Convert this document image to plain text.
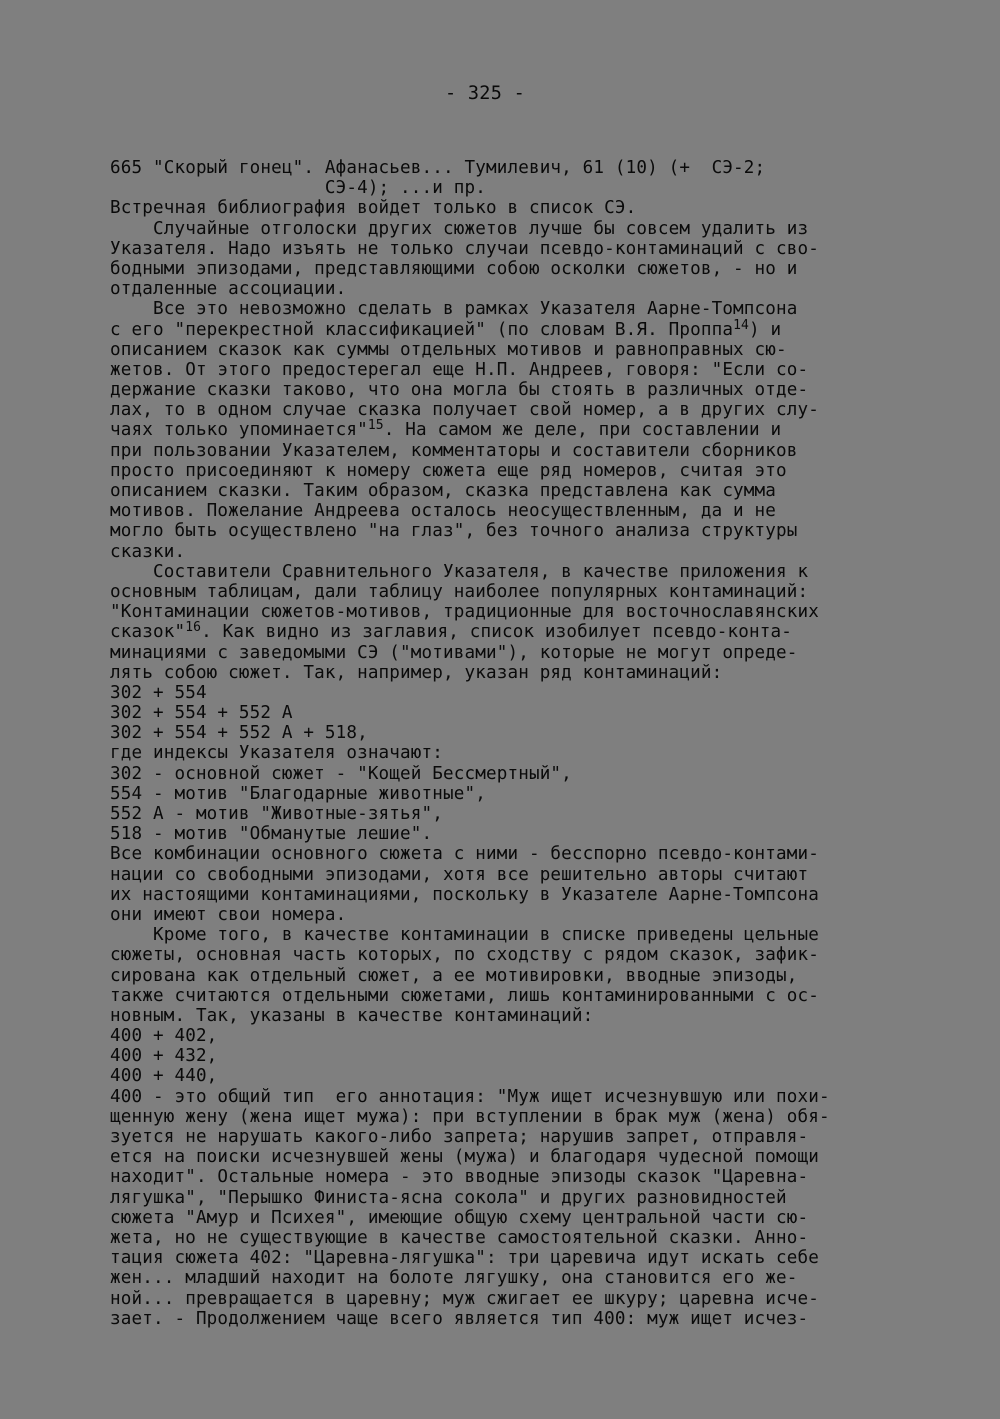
- 325 -
665 "Скорый гонец". Афанасьев... Тумилевич, 61 (10) (+  СЭ-2;
СЭ-4); ...и пр.
Встречная библиография войдет только в список СЭ.
Случайные отголоски других сюжетов лучше бы совсем удалить из
Указателя. Надо изъять не только случаи псевдо-контаминаций с сво-
бодными эпизодами, представляющими собою осколки сюжетов, - но и
отдаленные ассоциации.
Все это невозможно сделать в рамках Указателя Аарне-Томпсона
с его "перекрестной классификацией" (по словам В.Я. Проппа$^{14}$) и
описанием сказок как суммы отдельных мотивов и равноправных сю-
жетов. От этого предостерегал еще Н.П. Андреев, говоря: "Если со-
держание сказки таково, что она могла бы стоять в различных отде-
лах, то в одном случае сказка получает свой номер, а в других слу-
чаях только упоминается"$^{15}$. На самом же деле, при составлении и
при пользовании Указателем, комментаторы и составители сборников
просто присоединяют к номеру сюжета еще ряд номеров, считая это
описанием сказки. Таким образом, сказка представлена как сумма
мотивов. Пожелание Андреева осталось неосуществленным, да и не
могло быть осуществлено "на глаз", без точного анализа структуры
сказки.
Составители Сравнительного Указателя, в качестве приложения к
основным таблицам, дали таблицу наиболее популярных контаминаций:
"Контаминации сюжетов-мотивов, традиционные для восточнославянских
сказок"$^{16}$. Как видно из заглавия, список изобилует псевдо-конта-
минациями с заведомыми СЭ ("мотивами"), которые не могут опреде-
лять собою сюжет. Так, например, указан ряд контаминаций:
302 + 554
302 + 554 + 552 А
302 + 554 + 552 А + 518,
где индексы Указателя означают:
302 - основной сюжет - "Кощей Бессмертный",
554 - мотив "Благодарные животные",
552 А - мотив "Животные-зятья",
518 - мотив "Обманутые лешие".
Все комбинации основного сюжета с ними - бесспорно псевдо-контами-
нации со свободными эпизодами, хотя все решительно авторы считают
их настоящими контаминациями, поскольку в Указателе Аарне-Томпсона
они имеют свои номера.
Кроме того, в качестве контаминации в списке приведены цельные
сюжеты, основная часть которых, по сходству с рядом сказок, зафик-
сирована как отдельный сюжет, а ее мотивировки, вводные эпизоды,
также считаются отдельными сюжетами, лишь контаминированными с ос-
новным. Так, указаны в качестве контаминаций:
400 + 402,
400 + 432,
400 + 440,
400 - это общий тип  его аннотация: "Муж ищет исчезнувшую или похи-
щенную жену (жена ищет мужа): при вступлении в брак муж (жена) обя-
зуется не нарушать какого-либо запрета; нарушив запрет, отправля-
ется на поиски исчезнувшей жены (мужа) и благодаря чудесной помощи
находит". Остальные номера - это вводные эпизоды сказок "Царевна-
лягушка", "Перышко Финиста-ясна сокола" и других разновидностей
сюжета "Амур и Психея", имеющие общую схему центральной части сю-
жета, но не существующие в качестве самостоятельной сказки. Анно-
тация сюжета 402: "Царевна-лягушка": три царевича идут искать себе
жен... младший находит на болоте лягушку, она становится его же-
ной... превращается в царевну; муж сжигает ее шкуру; царевна исче-
зает. - Продолжением чаще всего является тип 400: муж ищет исчез-
